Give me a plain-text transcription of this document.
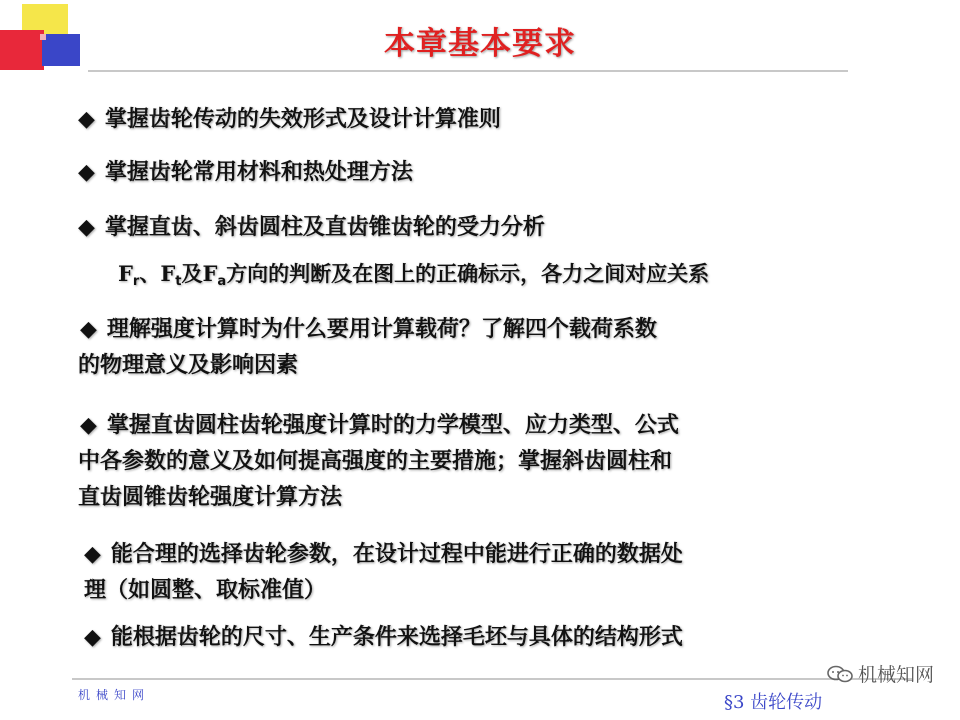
本章基本要求
◆ 掌握齿轮传动的失效形式及设计计算准则
◆ 掌握齿轮常用材料和热处理方法
◆ 掌握直齿、斜齿圆柱及直齿锥齿轮的受力分析
$F_r$、$F_t$及$F_a$方向的判断及在图上的正确标示，各力之间对应关系
◆ 理解强度计算时为什么要用计算载荷？了解四个载荷系数
的物理意义及影响因素
◆ 掌握直齿圆柱齿轮强度计算时的力学模型、应力类型、公式
中各参数的意义及如何提高强度的主要措施；掌握斜齿圆柱和
直齿圆锥齿轮强度计算方法
◆ 能合理的选择齿轮参数，在设计过程中能进行正确的数据处
理（如圆整、取标准值）
◆ 能根据齿轮的尺寸、生产条件来选择毛坯与具体的结构形式
机械知网
机械知网	§3 齿轮传动
